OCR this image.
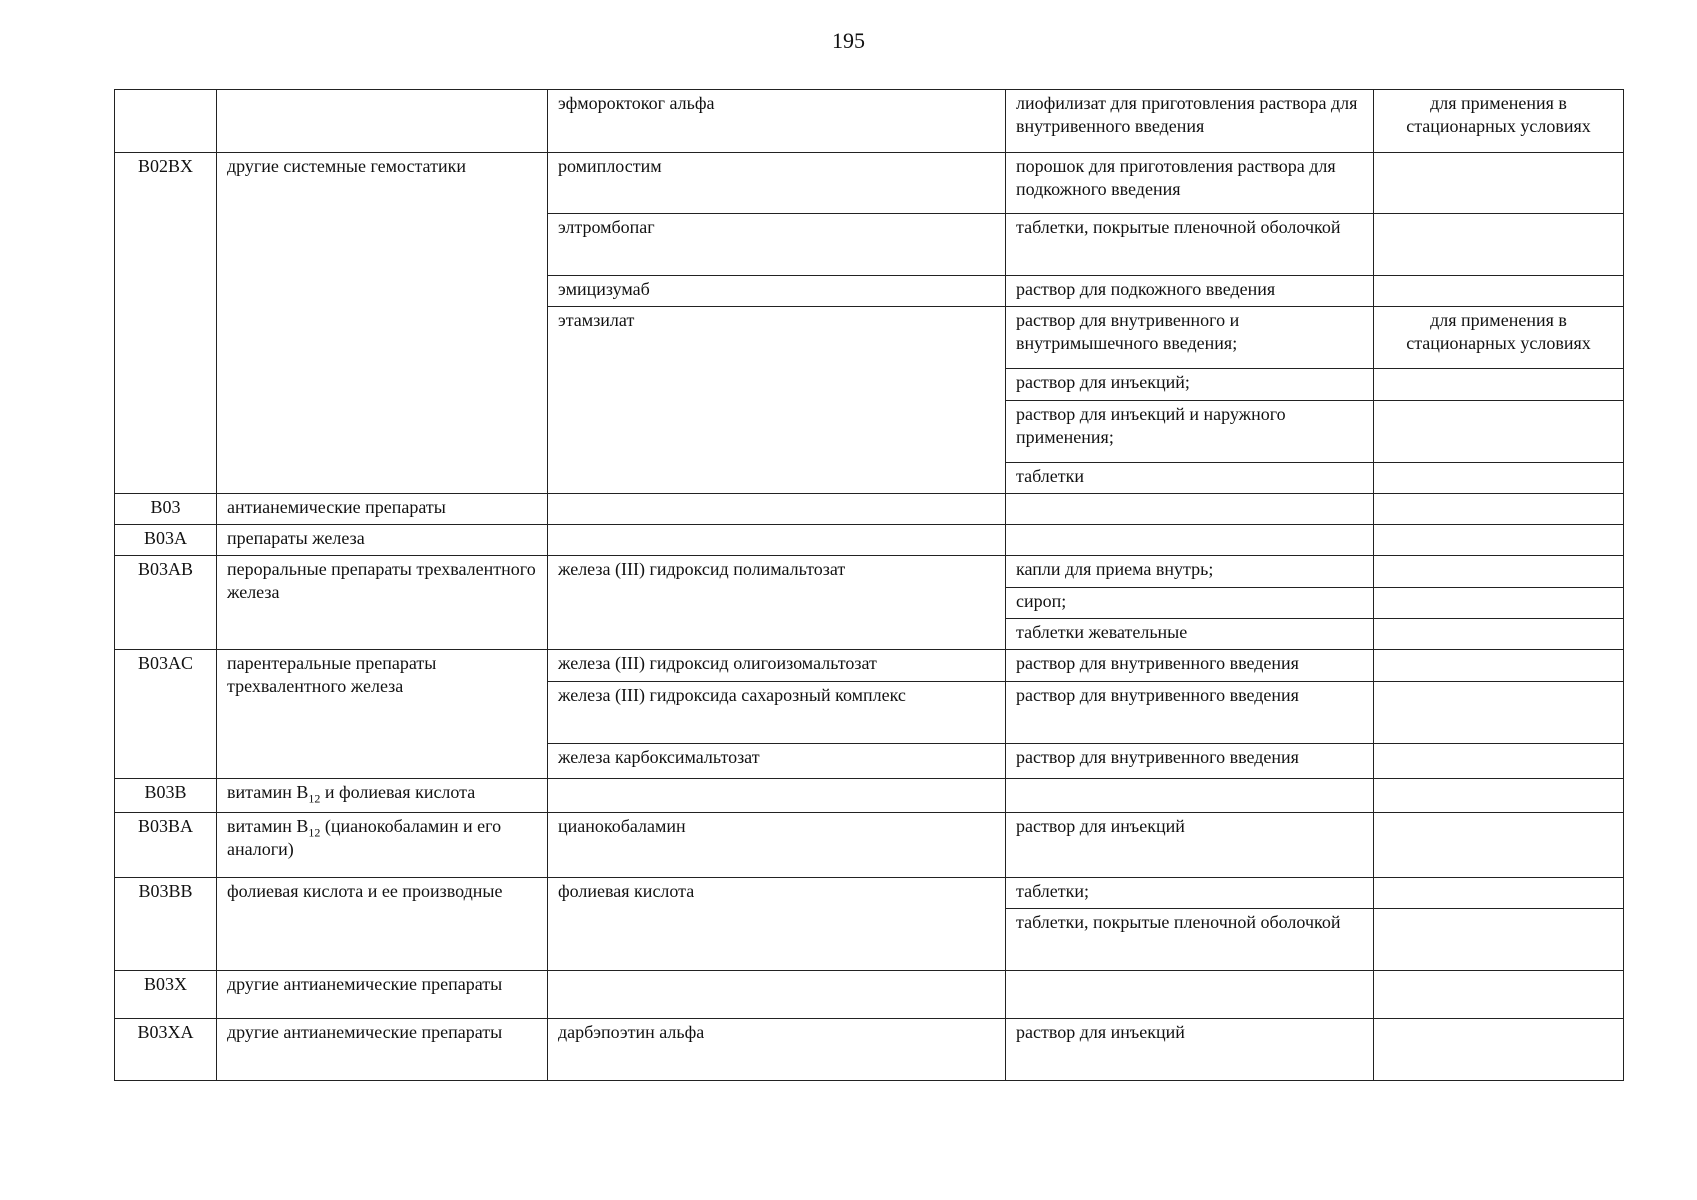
195
		эфмороктоког альфа	лиофилизат для приготовления раствора для внутривенного введения	для применения в стационарных условиях
B02BX	другие системные гемостатики	ромиплостим	порошок для приготовления раствора для подкожного введения	
		элтромбопаг	таблетки, покрытые пленочной оболочкой	
		эмицизумаб	раствор для подкожного введения	
		этамзилат	раствор для внутривенного и внутримышечного введения;	для применения в стационарных условиях
			раствор для инъекций;	
			раствор для инъекций и наружного применения;	
			таблетки	
B03	антианемические препараты			
B03A	препараты железа			
B03AB	пероральные препараты трехвалентного железа	железа (III) гидроксид полимальтозат	капли для приема внутрь;	
			сироп;	
			таблетки жевательные	
B03AC	парентеральные препараты трехвалентного железа	железа (III) гидроксид олигоизомальтозат	раствор для внутривенного введения	
		железа (III) гидроксида сахарозный комплекс	раствор для внутривенного введения	
		железа карбоксимальтозат	раствор для внутривенного введения	
B03B	витамин $B_{12}$ и фолиевая кислота			
B03BA	витамин $B_{12}$ (цианокобаламин и его аналоги)	цианокобаламин	раствор для инъекций	
B03BB	фолиевая кислота и ее производные	фолиевая кислота	таблетки;	
			таблетки, покрытые пленочной оболочкой	
B03X	другие антианемические препараты			
B03XA	другие антианемические препараты	дарбэпоэтин альфа	раствор для инъекций	
